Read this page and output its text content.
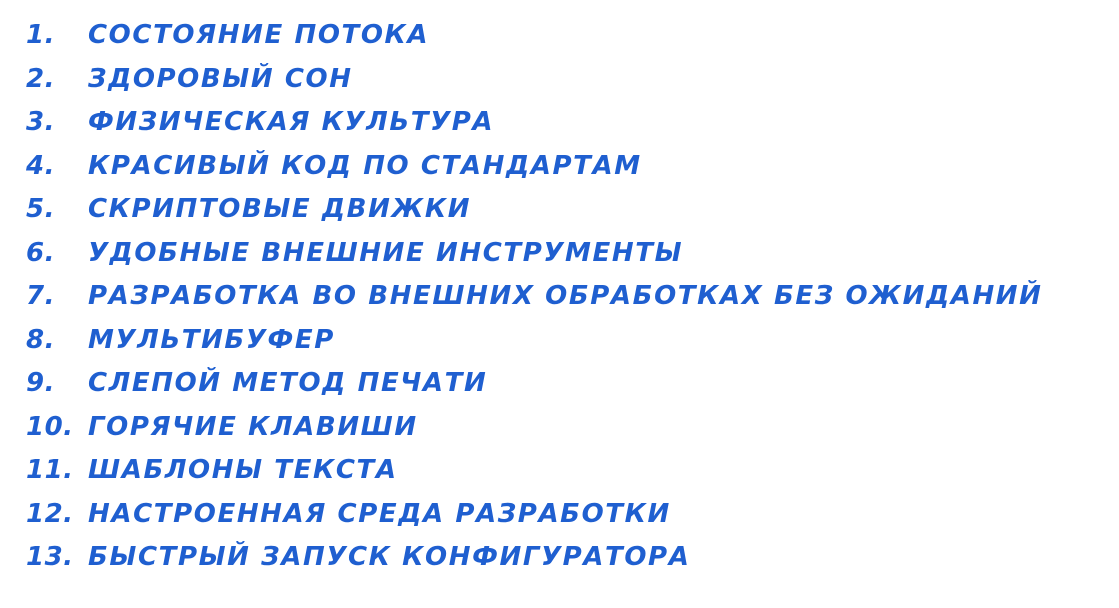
1.	СОСТОЯНИЕ ПОТОКА
2.	ЗДОРОВЫЙ СОН
3.	ФИЗИЧЕСКАЯ КУЛЬТУРА
4.	КРАСИВЫЙ КОД ПО СТАНДАРТАМ
5.	СКРИПТОВЫЕ ДВИЖКИ
6.	УДОБНЫЕ ВНЕШНИЕ ИНСТРУМЕНТЫ
7.	РАЗРАБОТКА ВО ВНЕШНИХ ОБРАБОТКАХ БЕЗ ОЖИДАНИЙ
8.	МУЛЬТИБУФЕР
9.	СЛЕПОЙ МЕТОД ПЕЧАТИ
10. ГОРЯЧИЕ КЛАВИШИ
11. ШАБЛОНЫ ТЕКСТА
12. НАСТРОЕННАЯ СРЕДА РАЗРАБОТКИ
13. БЫСТРЫЙ ЗАПУСК КОНФИГУРАТОРА
